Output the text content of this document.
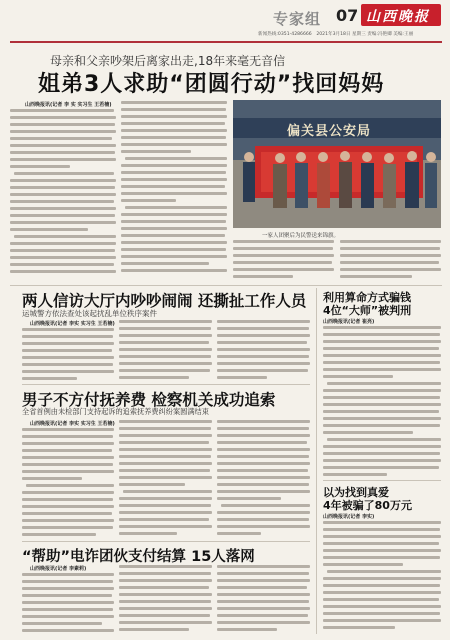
专家组 07 山西晚报
新闻热线:0351-4286666　2021年3月18日 星期三 责编:冯艳卿 美编:王丽
母亲和父亲吵架后离家出走,18年来毫无音信
姐弟3人求助“团圆行动”找回妈妈
山西晚报讯(记者 李 实 实习生 王若楠)
偏关县公安局
一家人团聚后为民警送来锦旗。
两人信访大厅内吵吵闹闹 还撕扯工作人员
运城警方依法查处该起扰乱单位秩序案件
山西晚报讯(记者 李实 实习生 王若楠)
男子不方付抚养费 检察机关成功追索
全省首例由未检部门支持起诉的追索抚养费纠纷案圆满结束
山西晚报讯(记者 李实 实习生 王若楠)
“帮助”电诈团伙支付结算 15人落网
山西晚报讯(记者 李素莉)
利用算命方式骗钱
4位“大师”被判刑
山西晚报讯(记者 崔亮)
以为找到真爱
4年被骗了80万元
山西晚报讯(记者 李实)
